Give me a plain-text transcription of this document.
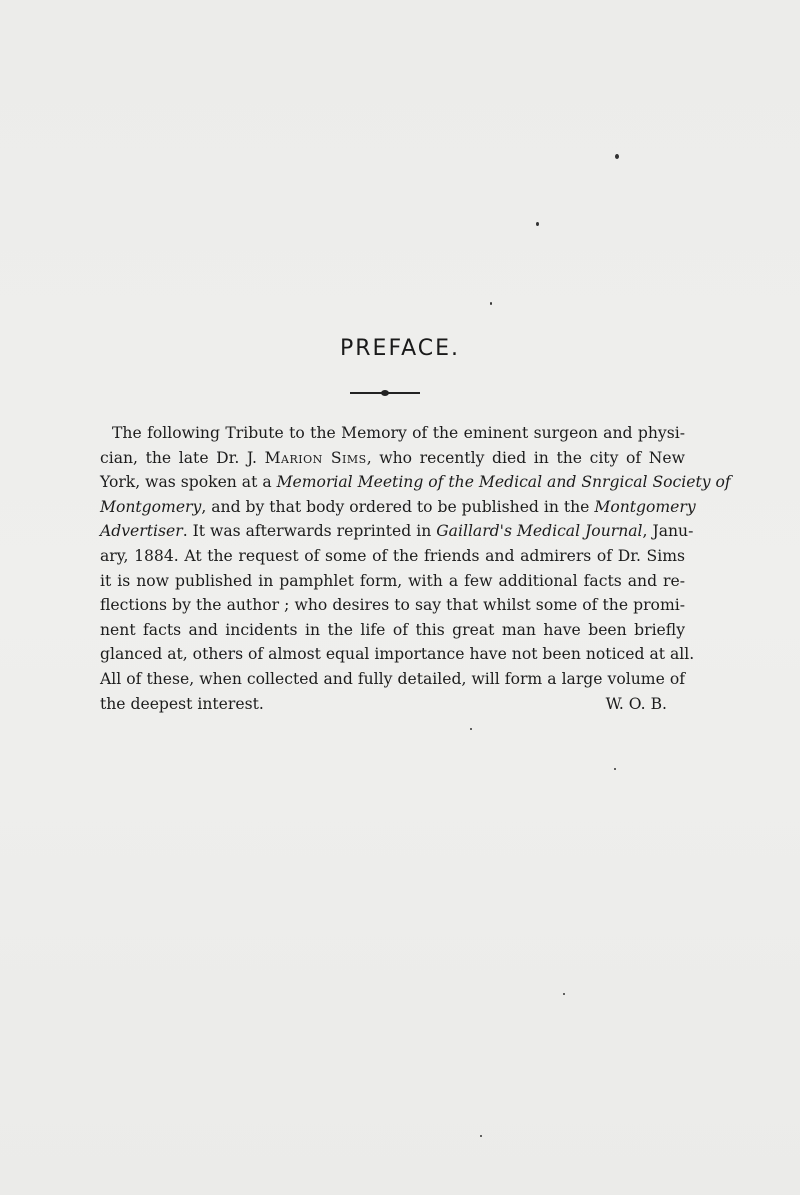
PREFACE.
The following Tribute to the Memory of the eminent surgeon and physi-
cian, the late Dr. J. Marion Sims, who recently died in the city of New
York, was spoken at a Memorial Meeting of the Medical and Snrgical Society of
Montgomery, and by that body ordered to be published in the Montgomery
Advertiser. It was afterwards reprinted in Gaillard's Medical Journal, Janu-
ary, 1884. At the request of some of the friends and admirers of Dr. Sims
it is now published in pamphlet form, with a few additional facts and re-
flections by the author ; who desires to say that whilst some of the promi-
nent facts and incidents in the life of this great man have been briefly
glanced at, others of almost equal importance have not been noticed at all.
All of these, when collected and fully detailed, will form a large volume of
the deepest interest.	W. O. B.
